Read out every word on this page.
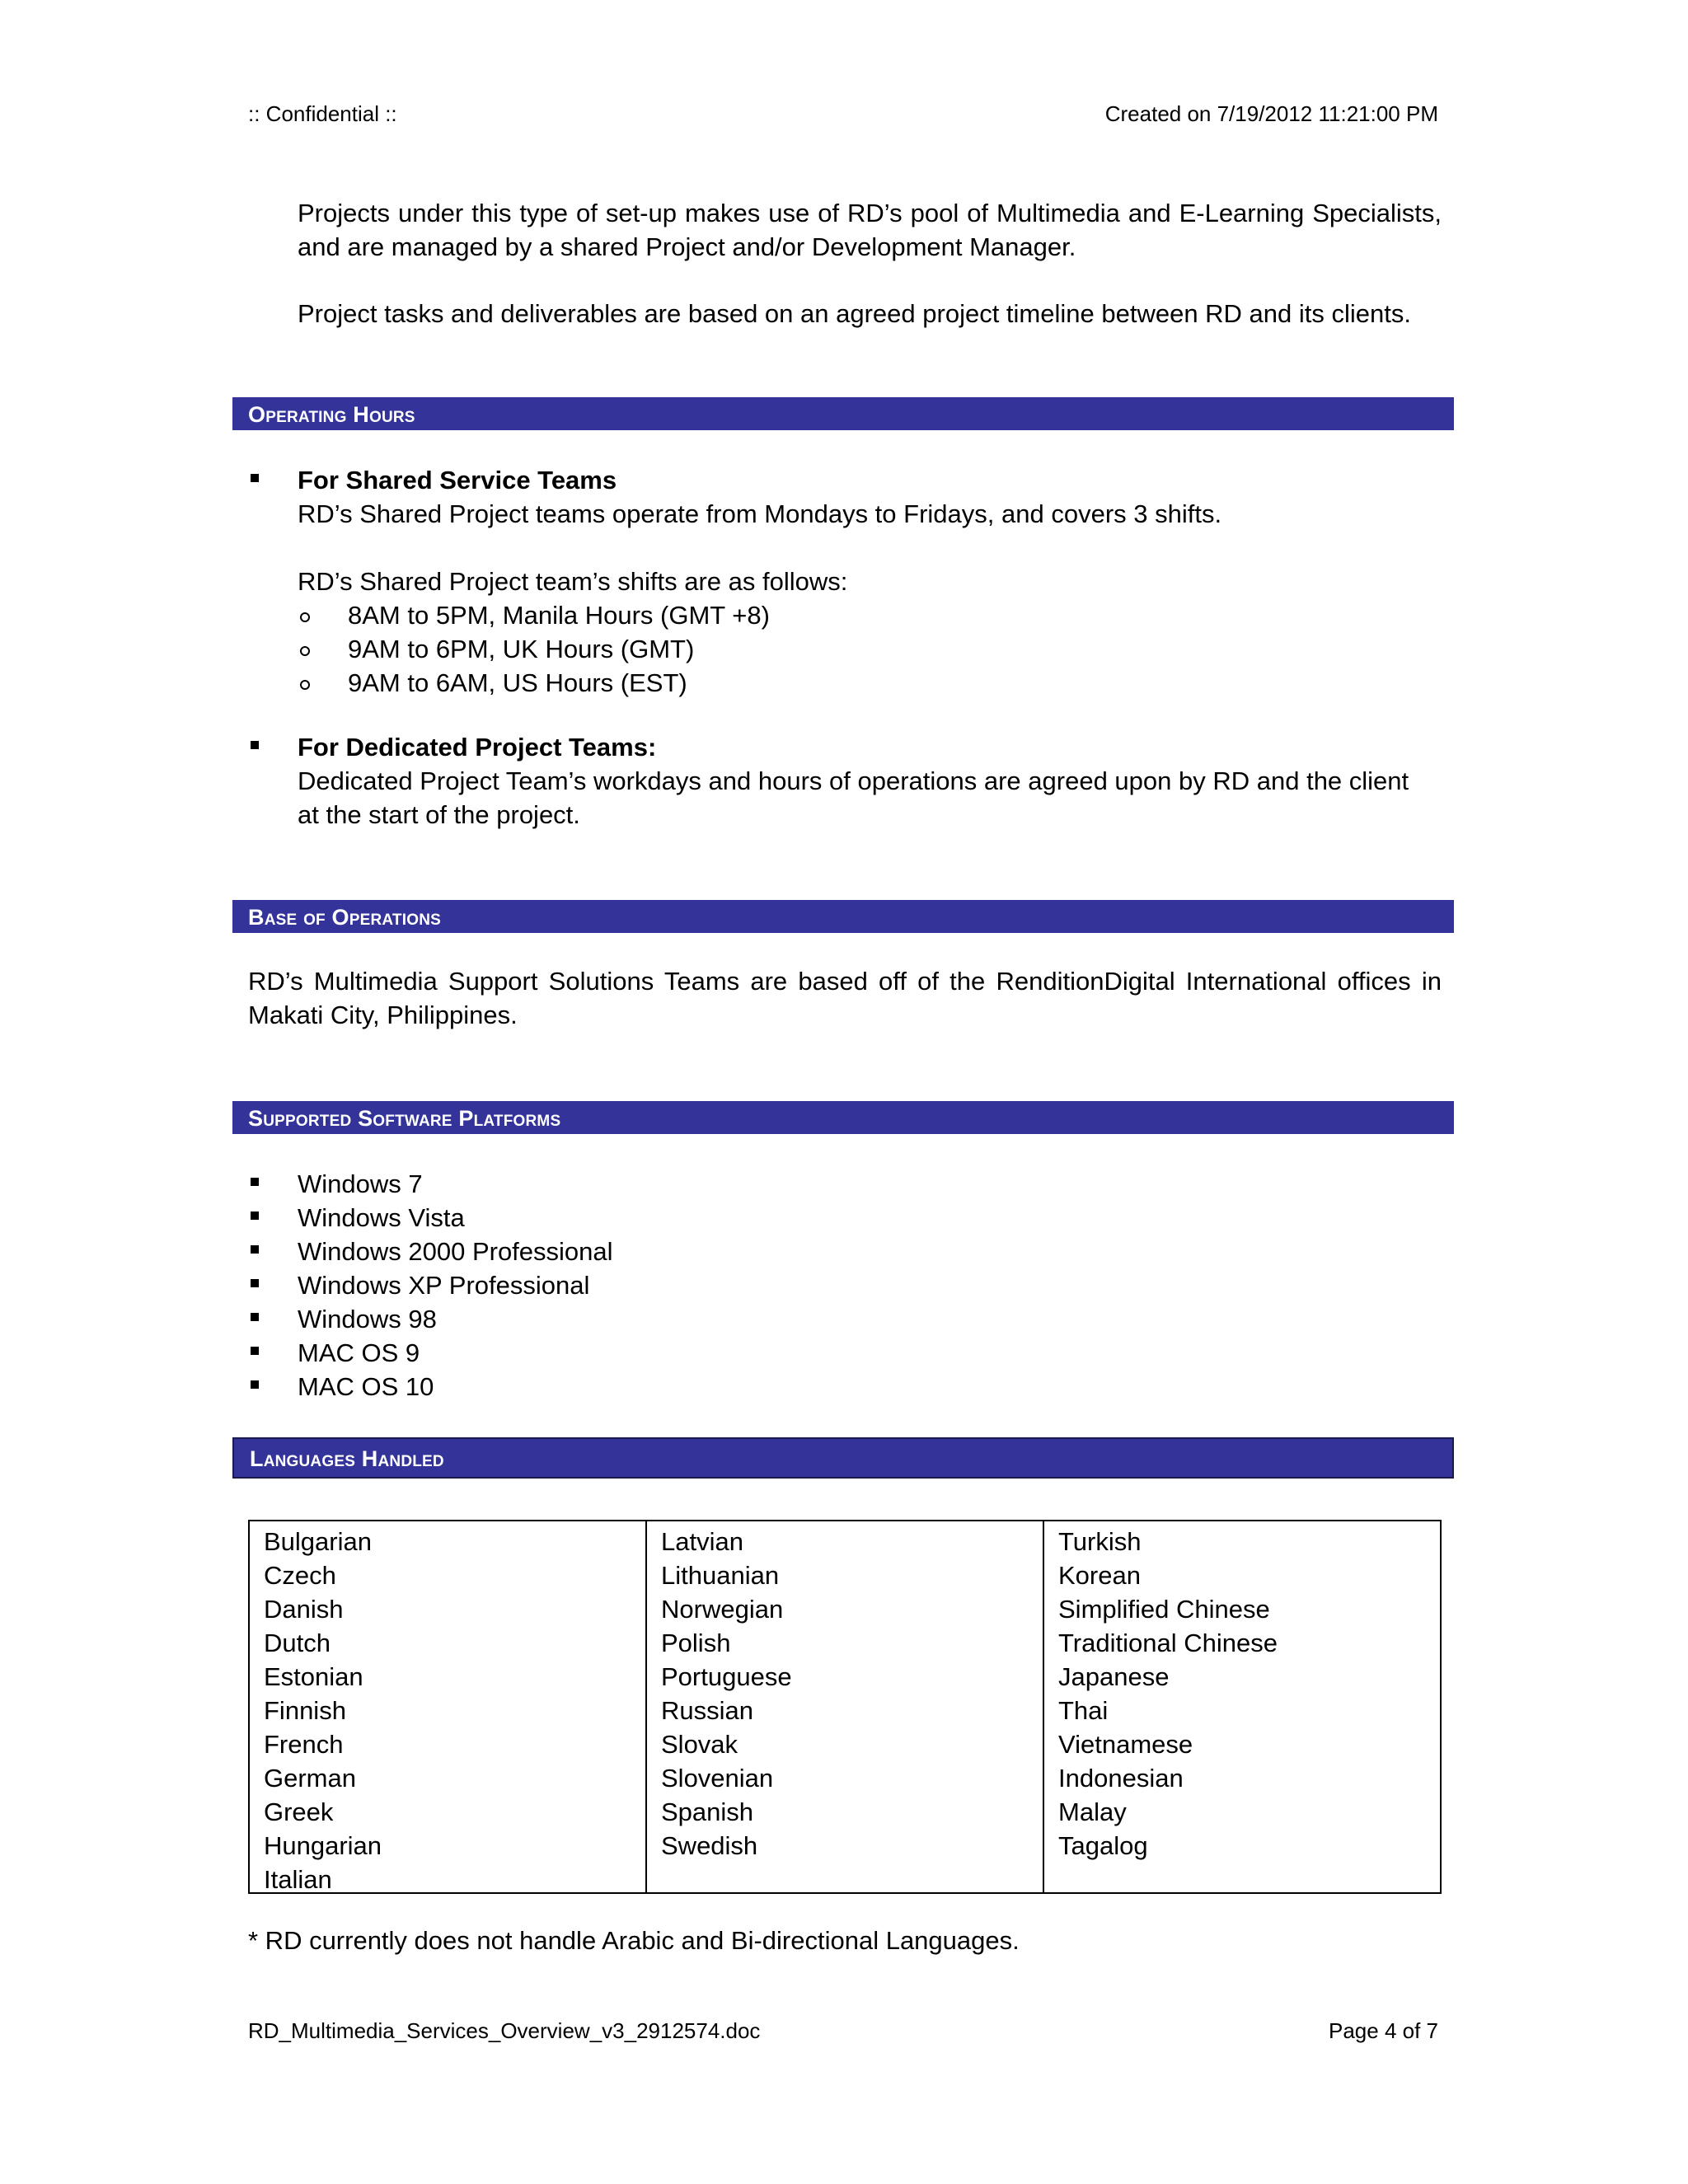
:: Confidential ::	Created on 7/19/2012 11:21:00 PM

Projects under this type of set-up makes use of RD’s pool of Multimedia and E-Learning Specialists, and are managed by a shared Project and/or Development Manager.

Project tasks and deliverables are based on an agreed project timeline between RD and its clients.

Operating Hours
For Shared Service Teams
RD’s Shared Project teams operate from Mondays to Fridays, and covers 3 shifts.
RD’s Shared Project team’s shifts are as follows:
8AM to 5PM, Manila Hours (GMT +8)
9AM to 6PM, UK Hours (GMT)
9AM to 6AM, US Hours (EST)
For Dedicated Project Teams:
Dedicated Project Team’s workdays and hours of operations are agreed upon by RD and the client at the start of the project.
Base of Operations

RD’s Multimedia Support Solutions Teams are based off of the RenditionDigital International offices in Makati City, Philippines.

Supported Software Platforms
Windows 7
Windows Vista
Windows 2000 Professional
Windows XP Professional
Windows 98
MAC OS 9
MAC OS 10
Languages Handled
Bulgarian
Czech
Danish
Dutch
Estonian
Finnish
French
German
Greek
Hungarian
Italian
Latvian
Lithuanian
Norwegian
Polish
Portuguese
Russian
Slovak
Slovenian
Spanish
Swedish
Turkish
Korean
Simplified Chinese
Traditional Chinese
Japanese
Thai
Vietnamese
Indonesian
Malay
Tagalog

* RD currently does not handle Arabic and Bi-directional Languages.

RD_Multimedia_Services_Overview_v3_2912574.doc	Page 4 of 7
